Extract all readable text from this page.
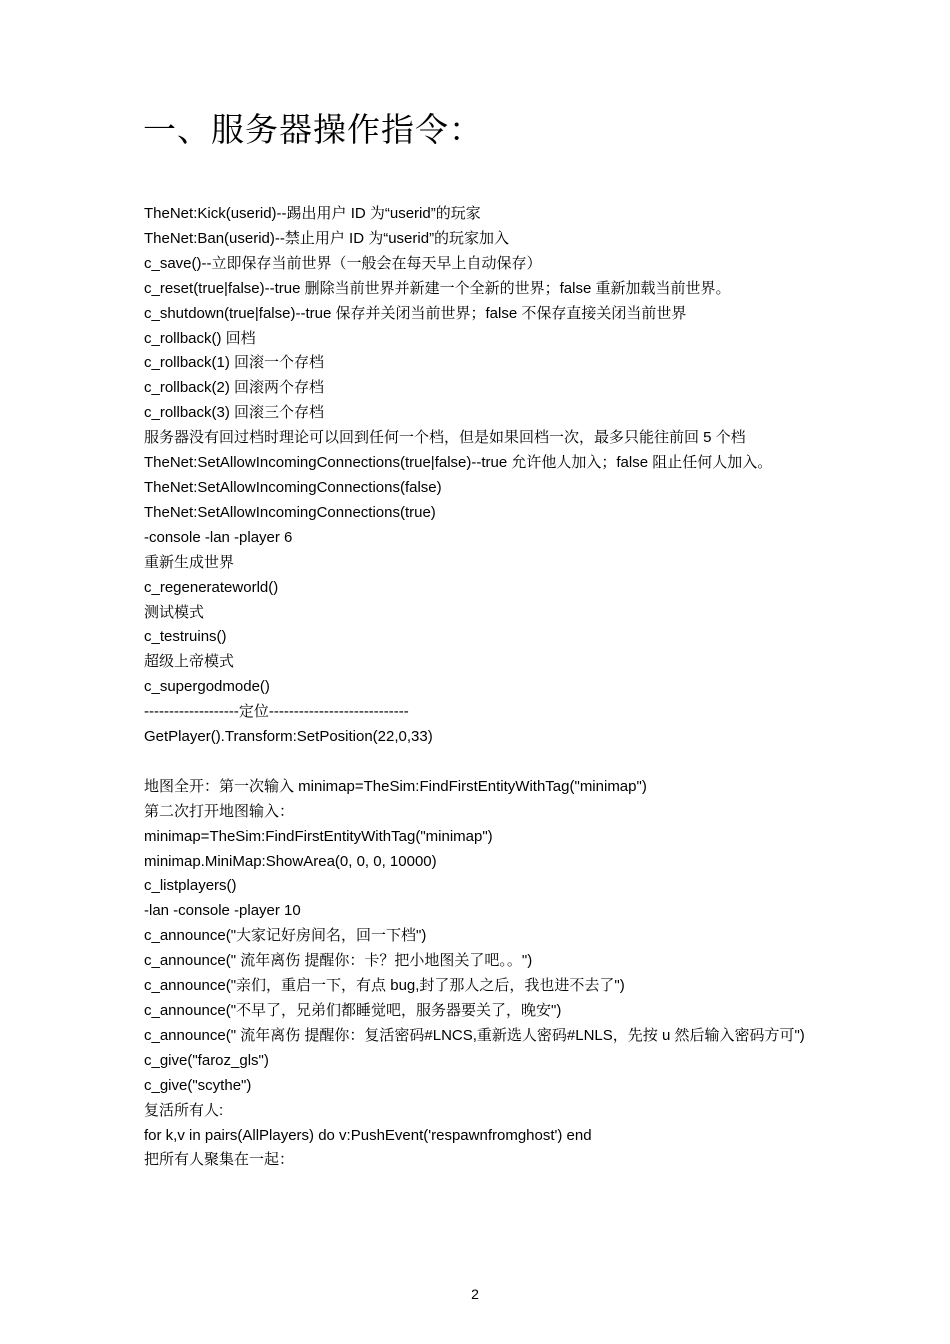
一、服务器操作指令：
TheNet:Kick(userid)--踢出用户 ID 为“userid”的玩家
TheNet:Ban(userid)--禁止用户 ID 为“userid”的玩家加入
c_save()--立即保存当前世界（一般会在每天早上自动保存）
c_reset(true|false)--true 删除当前世界并新建一个全新的世界；false 重新加载当前世界。
c_shutdown(true|false)--true 保存并关闭当前世界；false 不保存直接关闭当前世界
c_rollback() 回档
c_rollback(1) 回滚一个存档
c_rollback(2) 回滚两个存档
c_rollback(3) 回滚三个存档
服务器没有回过档时理论可以回到任何一个档，但是如果回档一次，最多只能往前回 5 个档
TheNet:SetAllowIncomingConnections(true|false)--true 允许他人加入；false 阻止任何人加入。
TheNet:SetAllowIncomingConnections(false)
TheNet:SetAllowIncomingConnections(true)
-console -lan -player 6
重新生成世界
c_regenerateworld()
测试模式
c_testruins()
超级上帝模式
c_supergodmode()
-------------------定位----------------------------
GetPlayer().Transform:SetPosition(22,0,33)
地图全开：第一次输入 minimap=TheSim:FindFirstEntityWithTag("minimap")
第二次打开地图输入：
minimap=TheSim:FindFirstEntityWithTag("minimap")
minimap.MiniMap:ShowArea(0, 0, 0, 10000)
c_listplayers()
-lan -console -player 10
c_announce("大家记好房间名，回一下档")
c_announce(" 流年离伤 提醒你：卡？把小地图关了吧。。")
c_announce("亲们，重启一下，有点 bug,封了那人之后，我也进不去了")
c_announce("不早了，兄弟们都睡觉吧，服务器要关了，晚安")
c_announce(" 流年离伤 提醒你：复活密码#LNCS,重新选人密码#LNLS，先按 u 然后输入密码方可")
c_give("faroz_gls")
c_give("scythe")
复活所有人:
for k,v in pairs(AllPlayers) do v:PushEvent('respawnfromghost') end
把所有人聚集在一起：
2
